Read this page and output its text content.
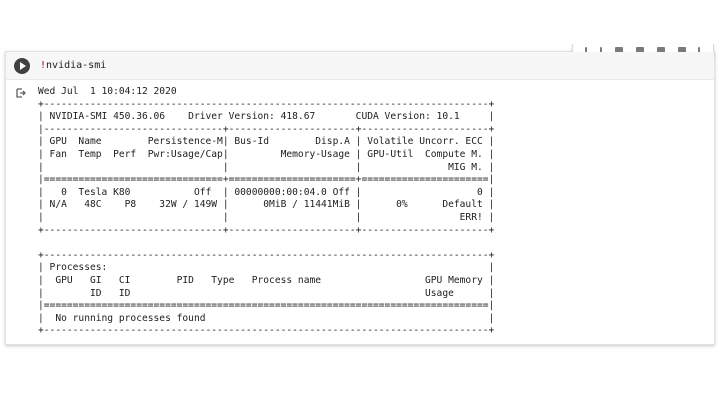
!nvidia-smi
Wed Jul  1 10:04:12 2020
+-----------------------------------------------------------------------------+
| NVIDIA-SMI 450.36.06    Driver Version: 418.67       CUDA Version: 10.1     |
|-------------------------------+----------------------+----------------------+
| GPU  Name        Persistence-M| Bus-Id        Disp.A | Volatile Uncorr. ECC |
| Fan  Temp  Perf  Pwr:Usage/Cap|         Memory-Usage | GPU-Util  Compute M. |
|                               |                      |               MIG M. |
|===============================+======================+======================|
|   0  Tesla K80           Off  | 00000000:00:04.0 Off |                    0 |
| N/A   48C    P8    32W / 149W |      0MiB / 11441MiB |      0%      Default |
|                               |                      |                 ERR! |
+-------------------------------+----------------------+----------------------+
+-----------------------------------------------------------------------------+
| Processes:                                                                  |
|  GPU   GI   CI        PID   Type   Process name                  GPU Memory |
|        ID   ID                                                   Usage      |
|=============================================================================|
|  No running processes found                                                 |
+-----------------------------------------------------------------------------+
